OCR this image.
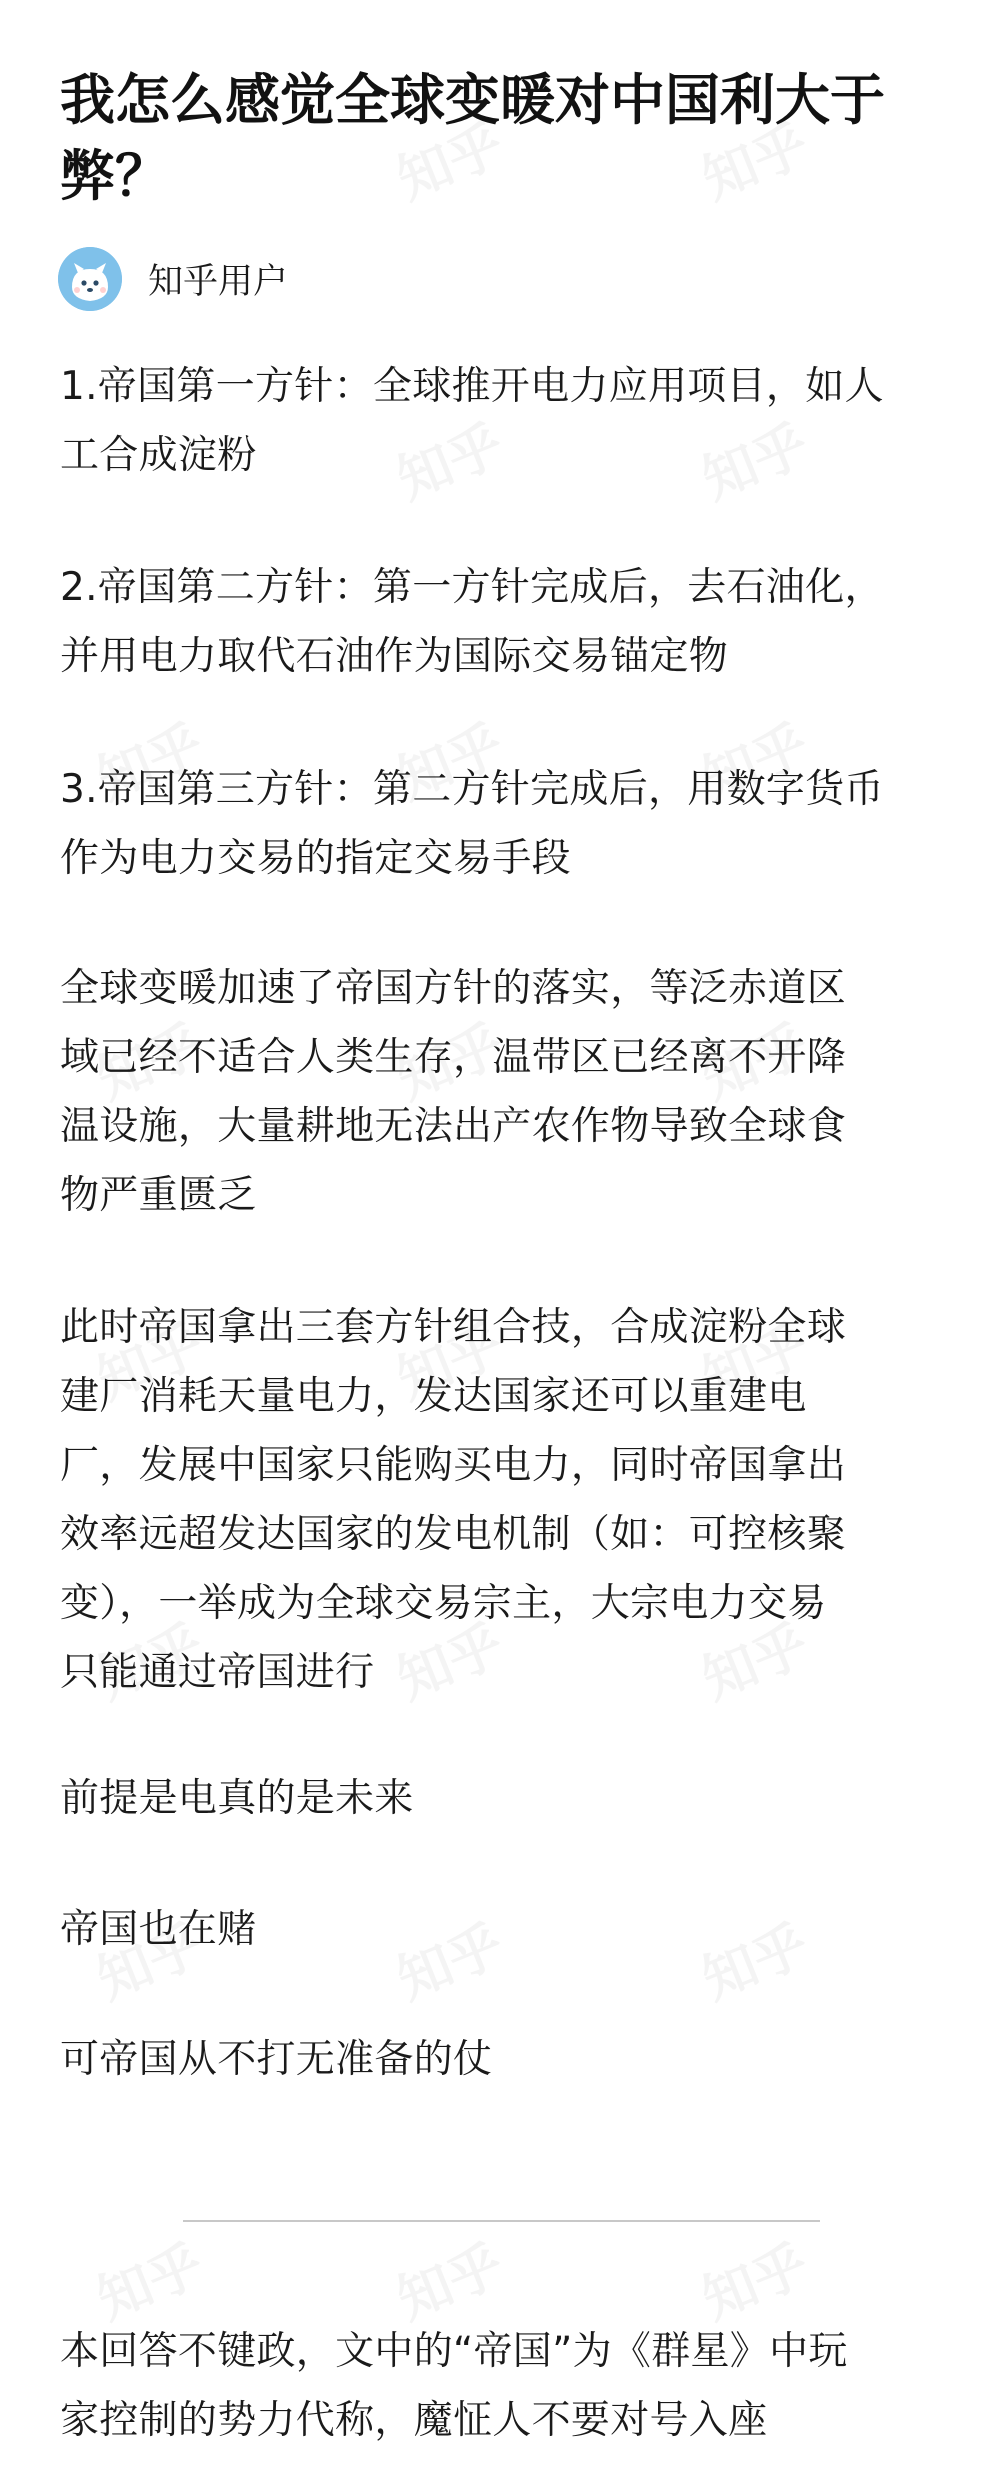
我怎么感觉全球变暖对中国利大于
弊？
知乎用户

1.帝国第一方针：全球推开电力应用项目，如人
工合成淀粉

2.帝国第二方针：第一方针完成后，去石油化，
并用电力取代石油作为国际交易锚定物

3.帝国第三方针：第二方针完成后，用数字货币
作为电力交易的指定交易手段

全球变暖加速了帝国方针的落实，等泛赤道区
域已经不适合人类生存，温带区已经离不开降
温设施，大量耕地无法出产农作物导致全球食
物严重匮乏

此时帝国拿出三套方针组合技，合成淀粉全球
建厂消耗天量电力，发达国家还可以重建电
厂，发展中国家只能购买电力，同时帝国拿出
效率远超发达国家的发电机制（如：可控核聚
变），一举成为全球交易宗主，大宗电力交易
只能通过帝国进行

前提是电真的是未来

帝国也在赌

可帝国从不打无准备的仗

本回答不键政，文中的“帝国”为《群星》中玩
家控制的势力代称，魔怔人不要对号入座
